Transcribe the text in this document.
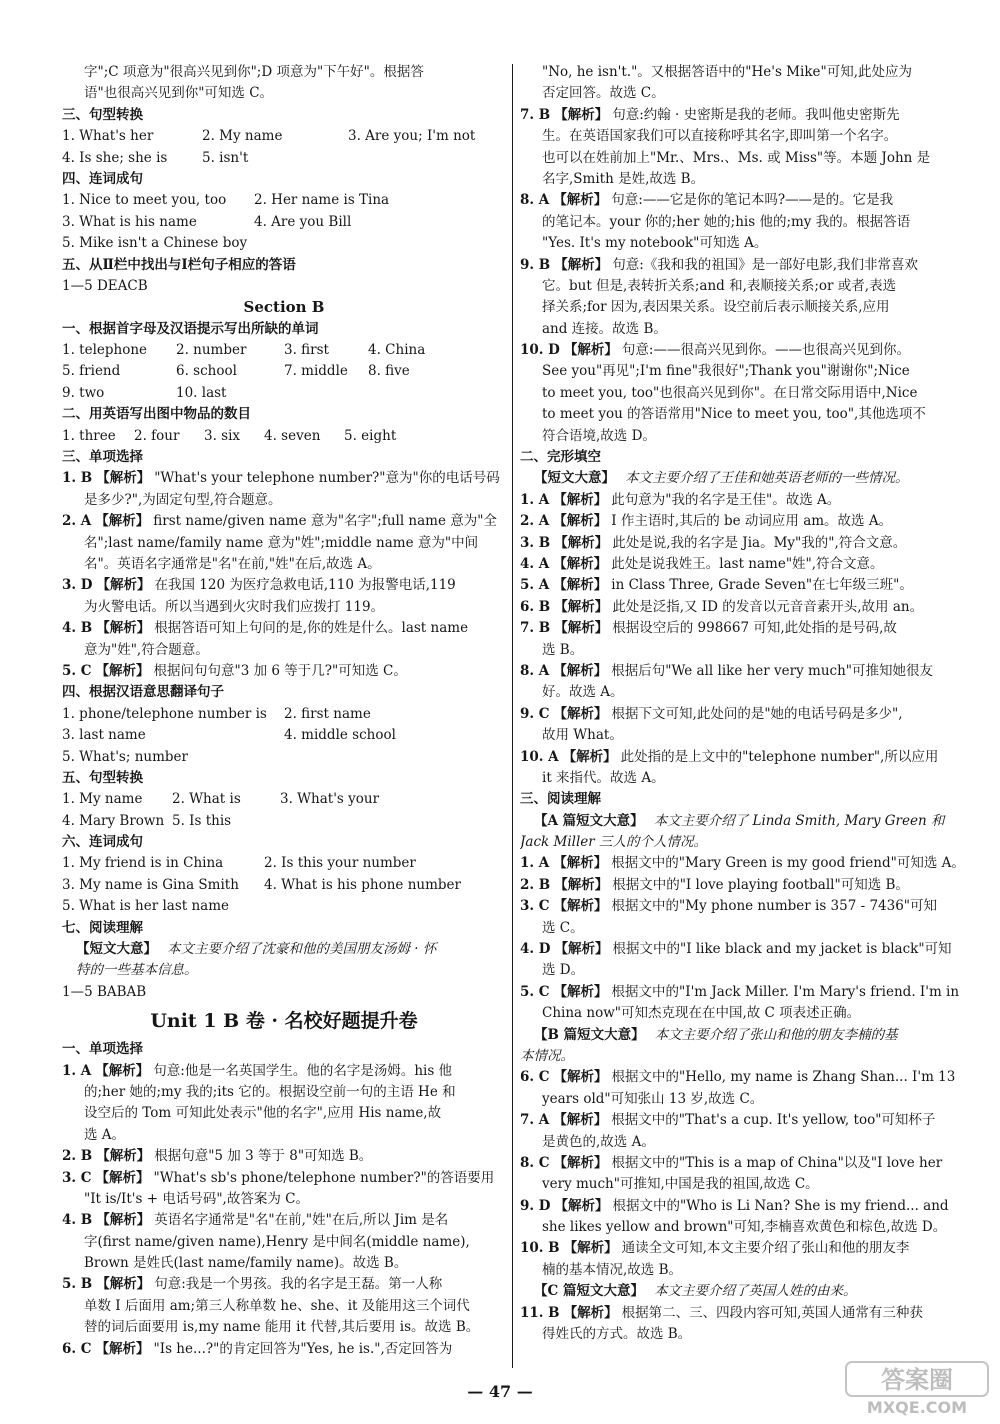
字";C 项意为"很高兴见到你";D 项意为"下午好"。根据答
语"也很高兴见到你"可知选 C。
三、句型转换
1. What's her	2. My name	3. Are you; I'm not
4. Is she; she is	5. isn't
四、连词成句
1. Nice to meet you, too	2. Her name is Tina
3. What is his name	4. Are you Bill
5. Mike isn't a Chinese boy
五、从Ⅱ栏中找出与Ⅰ栏句子相应的答语
1—5 DEACB
Section B
一、根据首字母及汉语提示写出所缺的单词
1. telephone	2. number	3. first	4. China
5. friend	6. school	7. middle	8. five
9. two	10. last
二、用英语写出图中物品的数目
1. three	2. four	3. six	4. seven	5. eight
三、单项选择
1. B 【解析】 "What's your telephone number?"意为"你的电话号码
是多少?",为固定句型,符合题意。
2. A 【解析】 first name/given name 意为"名字";full name 意为"全
名";last name/family name 意为"姓";middle name 意为"中间
名"。英语名字通常是"名"在前,"姓"在后,故选 A。
3. D 【解析】 在我国 120 为医疗急救电话,110 为报警电话,119
为火警电话。所以当遇到火灾时我们应拨打 119。
4. B 【解析】 根据答语可知上句问的是,你的姓是什么。last name
意为"姓",符合题意。
5. C 【解析】 根据问句句意"3 加 6 等于几?"可知选 C。
四、根据汉语意思翻译句子
1. phone/telephone number is	2. first name
3. last name	4. middle school
5. What's; number
五、句型转换
1. My name	2. What is	3. What's your
4. Mary Brown 5. Is this
六、连词成句
1. My friend is in China	2. Is this your number
3. My name is Gina Smith	4. What is his phone number
5. What is her last name
七、阅读理解
【短文大意】 本文主要介绍了沈豪和他的美国朋友汤姆 · 怀
特的一些基本信息。
1—5 BABAB
Unit 1 B 卷 · 名校好题提升卷
一、单项选择
1. A 【解析】 句意:他是一名英国学生。他的名字是汤姆。his 他
的;her 她的;my 我的;its 它的。根据设空前一句的主语 He 和
设空后的 Tom 可知此处表示"他的名字",应用 His name,故
选 A。
2. B 【解析】 根据句意"5 加 3 等于 8"可知选 B。
3. C 【解析】 "What's sb's phone/telephone number?"的答语要用
"It is/It's + 电话号码",故答案为 C。
4. B 【解析】 英语名字通常是"名"在前,"姓"在后,所以 Jim 是名
字(first name/given name),Henry 是中间名(middle name),
Brown 是姓氏(last name/family name)。故选 B。
5. B 【解析】 句意:我是一个男孩。我的名字是王磊。第一人称
单数 I 后面用 am;第三人称单数 he、she、it 及能用这三个词代
替的词后面要用 is,my name 能用 it 代替,其后要用 is。故选 B。
6. C 【解析】 "Is he...?"的肯定回答为"Yes, he is.",否定回答为
"No, he isn't."。又根据答语中的"He's Mike"可知,此处应为
否定回答。故选 C。
7. B 【解析】 句意:约翰 · 史密斯是我的老师。我叫他史密斯先
生。在英语国家我们可以直接称呼其名字,即叫第一个名字。
也可以在姓前加上"Mr.、Mrs.、Ms. 或 Miss"等。本题 John 是
名字,Smith 是姓,故选 B。
8. A 【解析】 句意:——它是你的笔记本吗?——是的。它是我
的笔记本。your 你的;her 她的;his 他的;my 我的。根据答语
"Yes. It's my notebook"可知选 A。
9. B 【解析】 句意:《我和我的祖国》是一部好电影,我们非常喜欢
它。but 但是,表转折关系;and 和,表顺接关系;or 或者,表选
择关系;for 因为,表因果关系。设空前后表示顺接关系,应用
and 连接。故选 B。
10. D 【解析】 句意:——很高兴见到你。——也很高兴见到你。
See you"再见";I'm fine"我很好";Thank you"谢谢你";Nice
to meet you, too"也很高兴见到你"。在日常交际用语中,Nice
to meet you 的答语常用"Nice to meet you, too",其他选项不
符合语境,故选 D。
二、完形填空
【短文大意】 本文主要介绍了王佳和她英语老师的一些情况。
1. A 【解析】 此句意为"我的名字是王佳"。故选 A。
2. A 【解析】 I 作主语时,其后的 be 动词应用 am。故选 A。
3. B 【解析】 此处是说,我的名字是 Jia。My"我的",符合文意。
4. A 【解析】 此处是说我姓王。last name"姓",符合文意。
5. A 【解析】 in Class Three, Grade Seven"在七年级三班"。
6. B 【解析】 此处是泛指,又 ID 的发音以元音音素开头,故用 an。
7. B 【解析】 根据设空后的 998667 可知,此处指的是号码,故
选 B。
8. A 【解析】 根据后句"We all like her very much"可推知她很友
好。故选 A。
9. C 【解析】 根据下文可知,此处问的是"她的电话号码是多少",
故用 What。
10. A 【解析】 此处指的是上文中的"telephone number",所以应用
it 来指代。故选 A。
三、阅读理解
【A 篇短文大意】 本文主要介绍了 Linda Smith, Mary Green 和
Jack Miller 三人的个人情况。
1. A 【解析】 根据文中的"Mary Green is my good friend"可知选 A。
2. B 【解析】 根据文中的"I love playing football"可知选 B。
3. C 【解析】 根据文中的"My phone number is 357 - 7436"可知
选 C。
4. D 【解析】 根据文中的"I like black and my jacket is black"可知
选 D。
5. C 【解析】 根据文中的"I'm Jack Miller. I'm Mary's friend. I'm in
China now"可知杰克现在在中国,故 C 项表述正确。
【B 篇短文大意】 本文主要介绍了张山和他的朋友李楠的基
本情况。
6. C 【解析】 根据文中的"Hello, my name is Zhang Shan... I'm 13
years old"可知张山 13 岁,故选 C。
7. A 【解析】 根据文中的"That's a cup. It's yellow, too"可知杯子
是黄色的,故选 A。
8. C 【解析】 根据文中的"This is a map of China"以及"I love her
very much"可推知,中国是我的祖国,故选 C。
9. D 【解析】 根据文中的"Who is Li Nan? She is my friend... and
she likes yellow and brown"可知,李楠喜欢黄色和棕色,故选 D。
10. B 【解析】 通读全文可知,本文主要介绍了张山和他的朋友李
楠的基本情况,故选 B。
【C 篇短文大意】 本文主要介绍了英国人姓的由来。
11. B 【解析】 根据第二、三、四段内容可知,英国人通常有三种获
得姓氏的方式。故选 B。
— 47 —	答案圈
MXQE.COM
